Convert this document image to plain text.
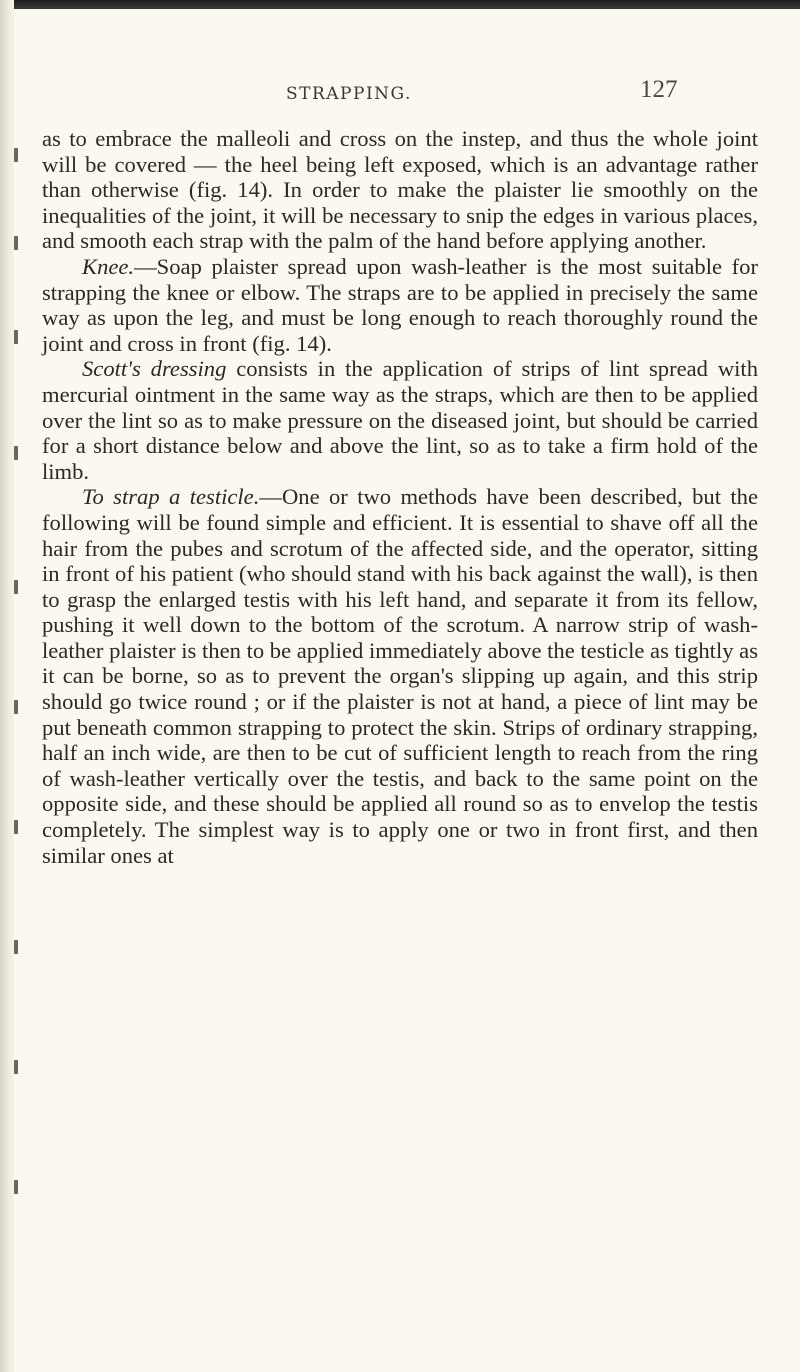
STRAPPING.	127

as to embrace the malleoli and cross on the instep, and thus the whole joint will be covered — the heel being left exposed, which is an advantage rather than otherwise (fig. 14). In order to make the plaister lie smoothly on the inequalities of the joint, it will be necessary to snip the edges in various places, and smooth each strap with the palm of the hand before applying another.

Knee.—Soap plaister spread upon wash-leather is the most suitable for strapping the knee or elbow. The straps are to be applied in precisely the same way as upon the leg, and must be long enough to reach thoroughly round the joint and cross in front (fig. 14).

Scott's dressing consists in the application of strips of lint spread with mercurial ointment in the same way as the straps, which are then to be applied over the lint so as to make pressure on the diseased joint, but should be carried for a short distance below and above the lint, so as to take a firm hold of the limb.

To strap a testicle.—One or two methods have been described, but the following will be found simple and efficient. It is essential to shave off all the hair from the pubes and scrotum of the affected side, and the operator, sitting in front of his patient (who should stand with his back against the wall), is then to grasp the enlarged testis with his left hand, and separate it from its fellow, pushing it well down to the bottom of the scrotum. A narrow strip of wash-leather plaister is then to be applied immediately above the testicle as tightly as it can be borne, so as to prevent the organ's slipping up again, and this strip should go twice round ; or if the plaister is not at hand, a piece of lint may be put beneath common strapping to protect the skin. Strips of ordinary strapping, half an inch wide, are then to be cut of sufficient length to reach from the ring of wash-leather vertically over the testis, and back to the same point on the opposite side, and these should be applied all round so as to envelop the testis completely. The simplest way is to apply one or two in front first, and then similar ones at
